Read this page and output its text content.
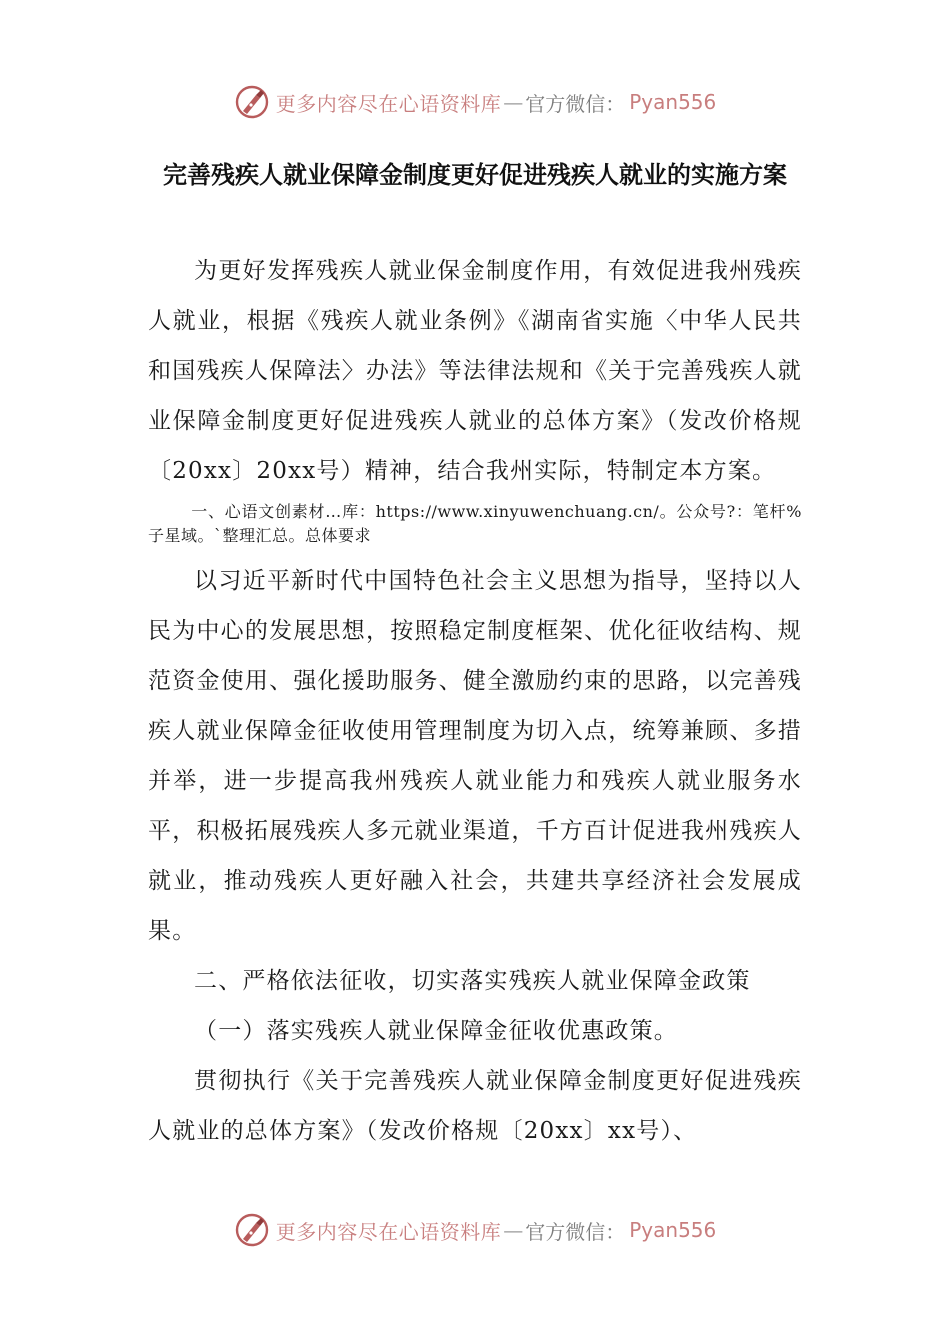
更多内容尽在心语资料库 — 官方微信： Pyan556
完善残疾人就业保障金制度更好促进残疾人就业的实施方案

为更好发挥残疾人就业保金制度作用，有效促进我州残疾人就业，根据《残疾人就业条例》《湖南省实施〈中华人民共和国残疾人保障法〉办法》等法律法规和《关于完善残疾人就业保障金制度更好促进残疾人就业的总体方案》（发改价格规〔20xx〕20xx号）精神，结合我州实际，特制定本方案。

一、心语文创素材…库：https://www.xinyuwenchuang.cn/。公众号?：笔杆%子星域。`整理汇总。总体要求

以习近平新时代中国特色社会主义思想为指导，坚持以人民为中心的发展思想，按照稳定制度框架、优化征收结构、规范资金使用、强化援助服务、健全激励约束的思路，以完善残疾人就业保障金征收使用管理制度为切入点，统筹兼顾、多措并举，进一步提高我州残疾人就业能力和残疾人就业服务水平，积极拓展残疾人多元就业渠道，千方百计促进我州残疾人就业，推动残疾人更好融入社会，共建共享经济社会发展成果。

二、严格依法征收，切实落实残疾人就业保障金政策

（一）落实残疾人就业保障金征收优惠政策。

贯彻执行《关于完善残疾人就业保障金制度更好促进残疾人就业的总体方案》（发改价格规〔20xx〕xx号）、

更多内容尽在心语资料库 — 官方微信： Pyan556
